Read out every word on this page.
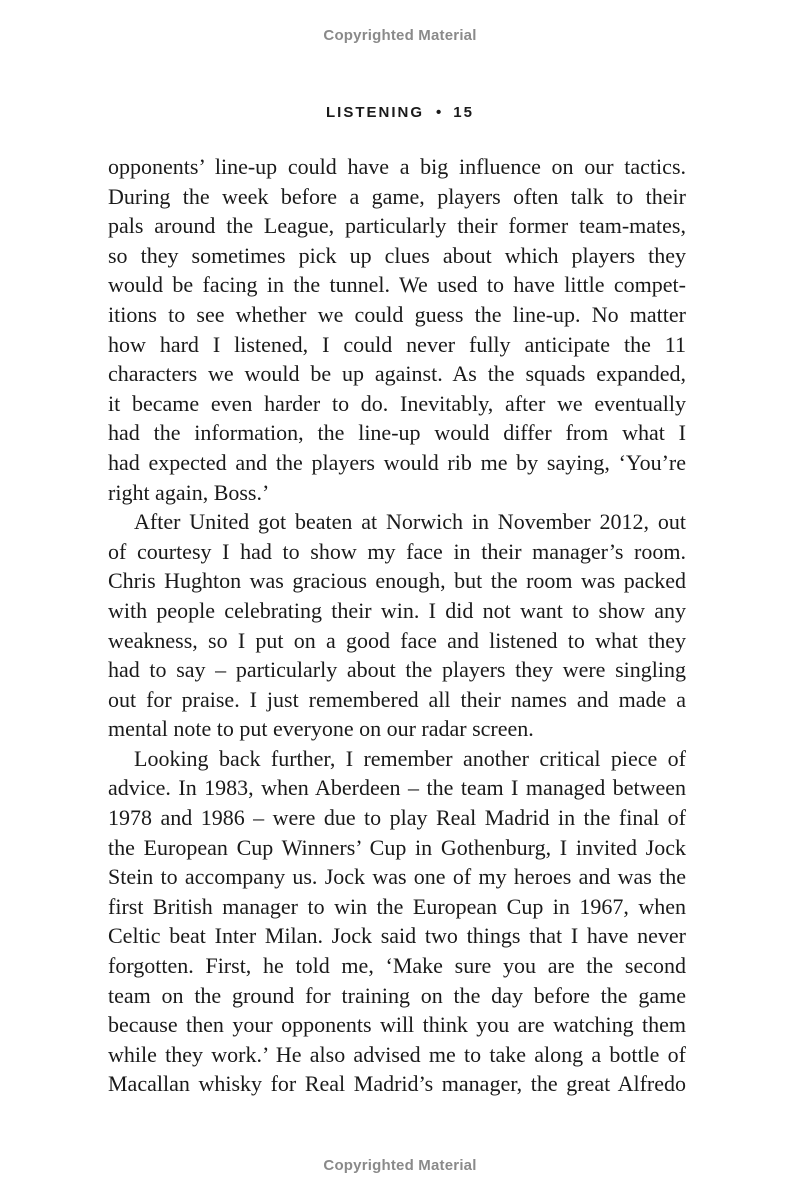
Copyrighted Material
LISTENING • 15

opponents’ line-up could have a big influence on our tactics.

During the week before a game, players often talk to their

pals around the League, particularly their former team-mates,

so they sometimes pick up clues about which players they

would be facing in the tunnel. We used to have little compet-

itions to see whether we could guess the line-up. No matter

how hard I listened, I could never fully anticipate the 11

characters we would be up against. As the squads expanded,

it became even harder to do. Inevitably, after we eventually

had the information, the line-up would differ from what I

had expected and the players would rib me by saying, ‘You’re

right again, Boss.’

After United got beaten at Norwich in November 2012, out

of courtesy I had to show my face in their manager’s room.

Chris Hughton was gracious enough, but the room was packed

with people celebrating their win. I did not want to show any

weakness, so I put on a good face and listened to what they

had to say – particularly about the players they were singling

out for praise. I just remembered all their names and made a

mental note to put everyone on our radar screen.

Looking back further, I remember another critical piece of

advice. In 1983, when Aberdeen – the team I managed between

1978 and 1986 – were due to play Real Madrid in the final of

the European Cup Winners’ Cup in Gothenburg, I invited Jock

Stein to accompany us. Jock was one of my heroes and was the

first British manager to win the European Cup in 1967, when

Celtic beat Inter Milan. Jock said two things that I have never

forgotten. First, he told me, ‘Make sure you are the second

team on the ground for training on the day before the game

because then your opponents will think you are watching them

while they work.’ He also advised me to take along a bottle of

Macallan whisky for Real Madrid’s manager, the great Alfredo

Copyrighted Material
